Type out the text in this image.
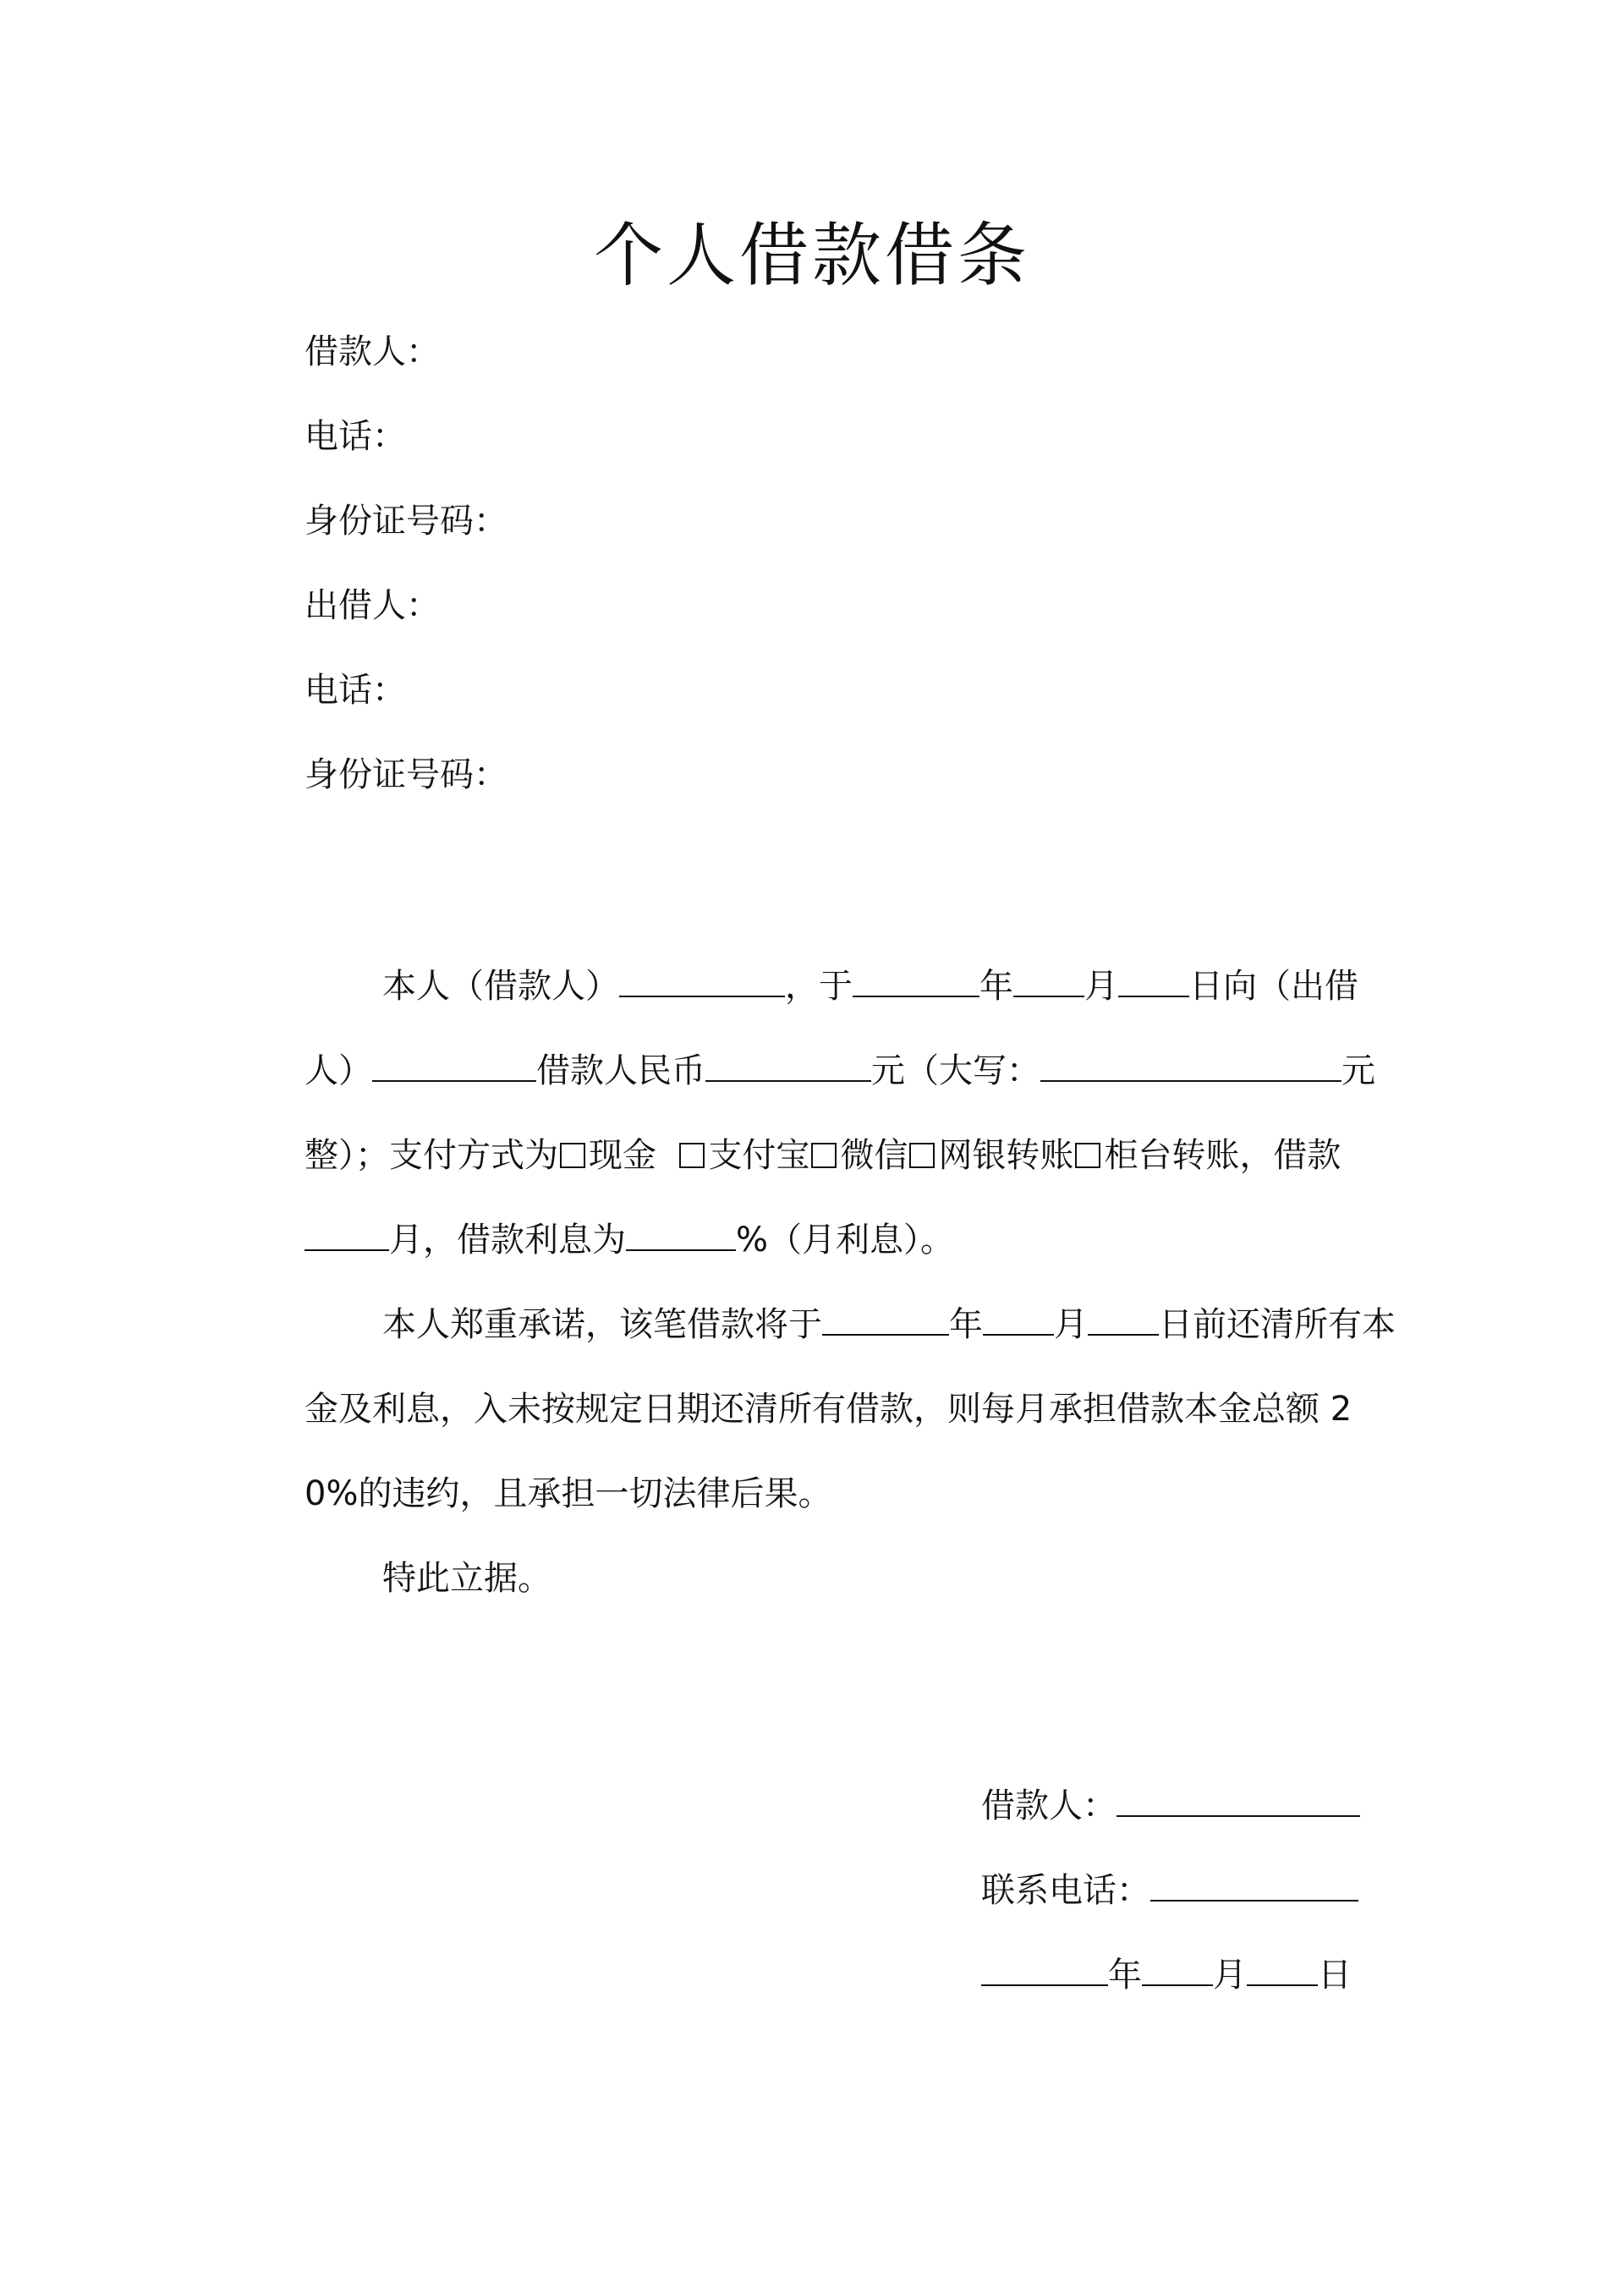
个人借款借条
借款人：
电话：
身份证号码：
出借人：
电话：
身份证号码：

本人（借款人）	，于	年 月 日向（出借人）	借款人民币	元（大写：	元整）；支付方式为 现金 支付宝 微信 网银转账 柜台转账，借款月，借款利息为	%（月利息）。

本人郑重承诺，该笔借款将于	年 月 日前还清所有本金及利息，入未按规定日期还清所有借款，则每月承担借款本金总额 20%的违约，且承担一切法律后果。

特此立据。

借款人：
联系电话：
年 月 日
